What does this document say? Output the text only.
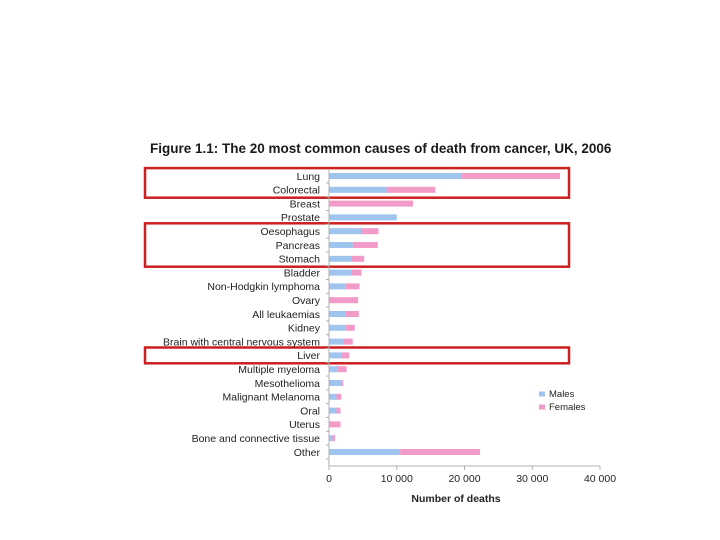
Figure 1.1: The 20 most common causes of death from cancer, UK, 2006
Lung
Colorectal
Breast
Prostate
Oesophagus
Pancreas
Stomach
Bladder
Non-Hodgkin lymphoma
Ovary
All leukaemias
Kidney
Brain with central nervous system
Liver
Multiple myeloma
Mesothelioma
Malignant Melanoma
Oral
Uterus
Bone and connective tissue
Other
0	10 000	20 000	30 000	40 000
Number of deaths
Males
Females
